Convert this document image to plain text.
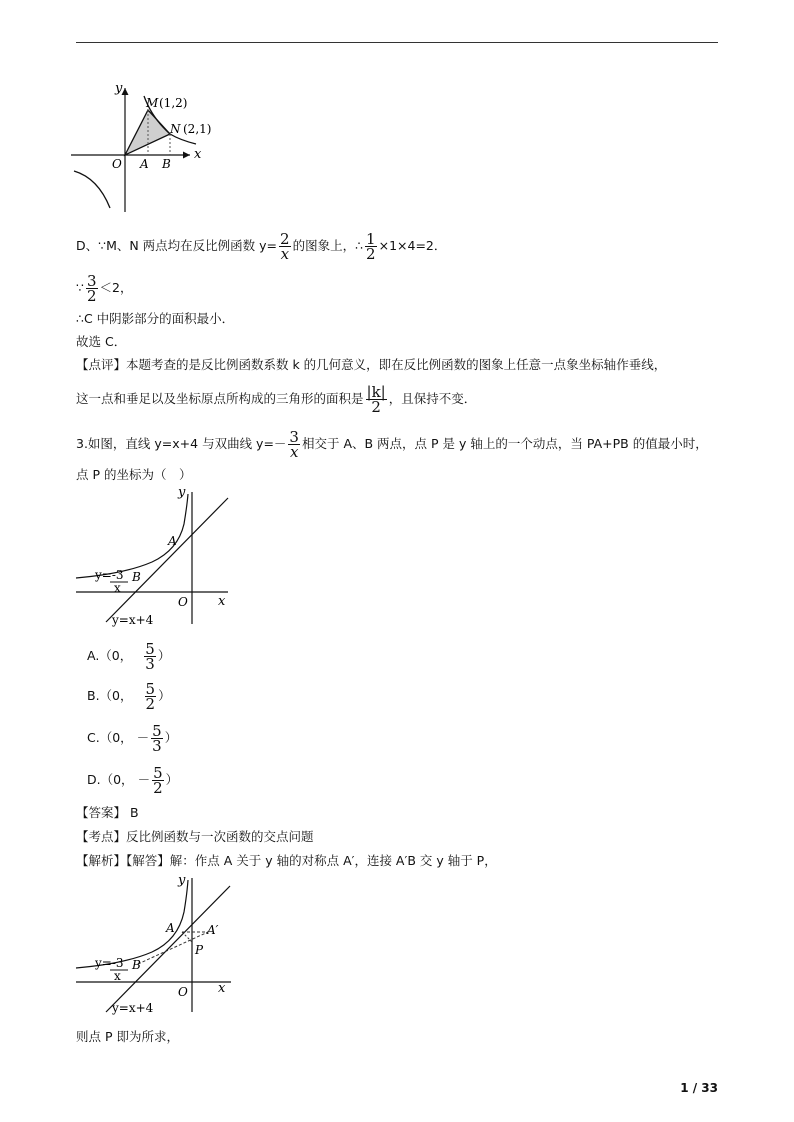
y
x
O A B
M (1,2)
N (2,1)
D、∵M、N 两点均在反比例函数 $y= \frac{2}{x}$ 的图象上，∴ $\frac{1}{2} \times 1\times 4=2$．
∵ $\frac{3}{2} <2$，
∴C 中阴影部分的面积最小．
故选 C．
【点评】本题考查的是反比例函数系数 k 的几何意义，即在反比例函数的图象上任意一点象坐标轴作垂线，
这一点和垂足以及坐标原点所构成的三角形的面积是 $\frac{|k|}{2}$ ，且保持不变．
3.如图，直线 y=x+4 与双曲线 $y=- \frac{3}{x}$ 相交于 A、B 两点，点 P 是 y 轴上的一个动点，当 PA+PB 的值最小时，
点 P 的坐标为（　）
y
x
O
A
B
y=-3
x
y=x+4
A.（0， $\frac{5}{3}$ ）
B.（0， $\frac{5}{2}$ ）
C.（0， － $\frac{5}{3}$ ）
D.（0， － $\frac{5}{2}$ ）
【答案】 B
【考点】反比例函数与一次函数的交点问题
【解析】【解答】解：作点 A 关于 y 轴的对称点 A′，连接 A′B 交 y 轴于 P，
y
x
O
A	A′
P
B
y=-3
x
y=x+4
则点 P 即为所求，
1 / 33
